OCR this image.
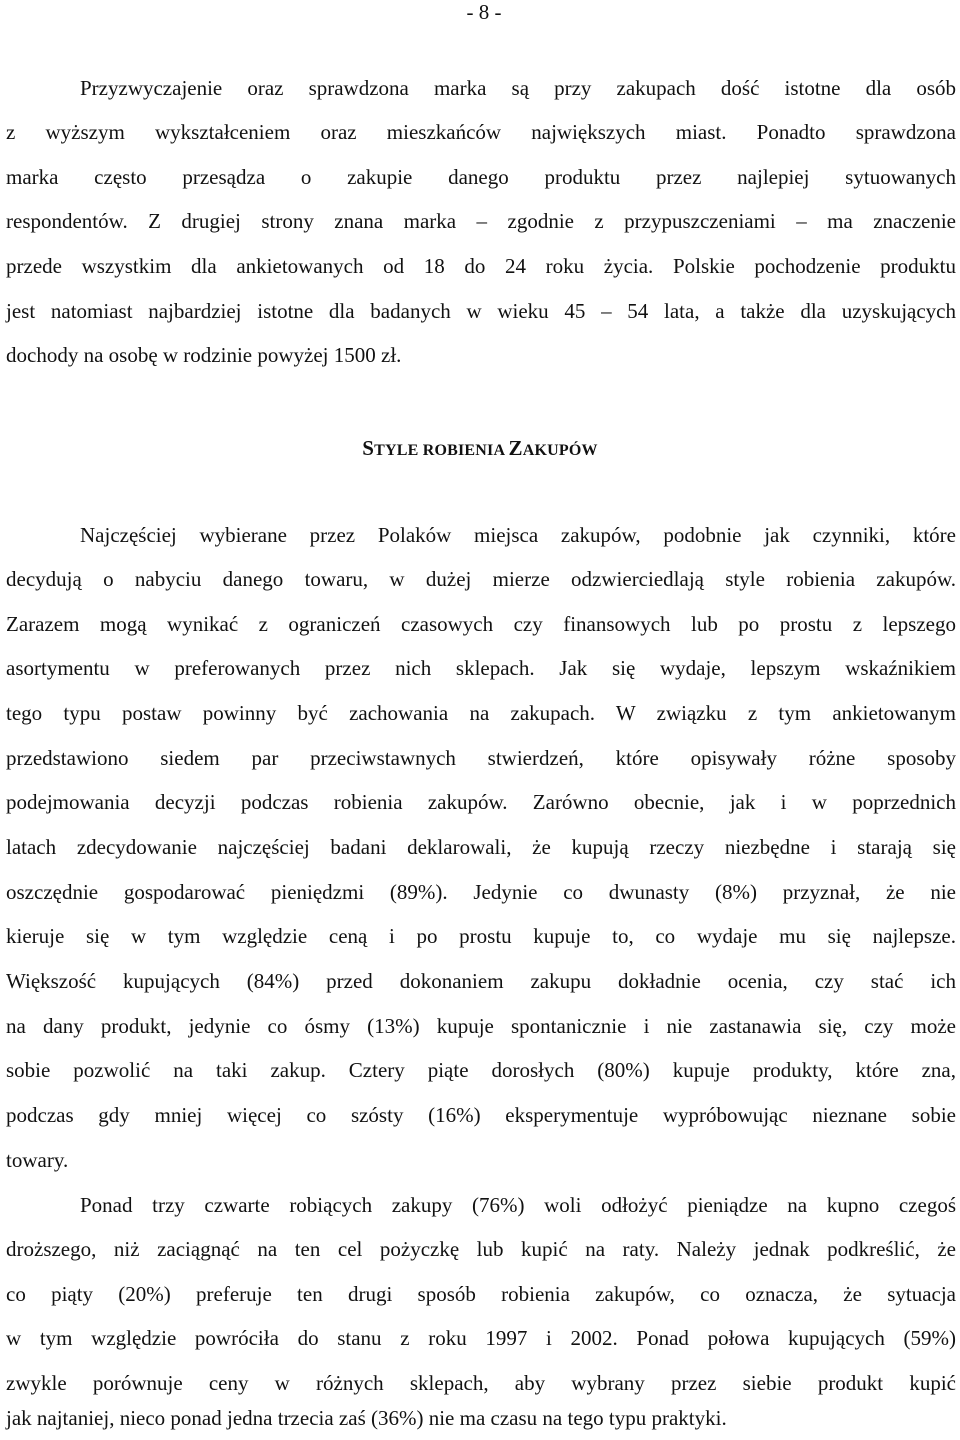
- 8 -
Przyzwyczajenie oraz sprawdzona marka są przy zakupach dość istotne dla osób
z wyższym wykształceniem oraz mieszkańców największych miast. Ponadto sprawdzona
marka często przesądza o zakupie danego produktu przez najlepiej sytuowanych
respondentów. Z drugiej strony znana marka – zgodnie z przypuszczeniami – ma znaczenie
przede wszystkim dla ankietowanych od 18 do 24 roku życia. Polskie pochodzenie produktu
jest natomiast najbardziej istotne dla badanych w wieku 45 – 54 lata, a także dla uzyskujących
dochody na osobę w rodzinie powyżej 1500 zł.
STYLE ROBIENIA ZAKUPÓW
Najczęściej wybierane przez Polaków miejsca zakupów, podobnie jak czynniki, które
decydują o nabyciu danego towaru, w dużej mierze odzwierciedlają style robienia zakupów.
Zarazem mogą wynikać z ograniczeń czasowych czy finansowych lub po prostu z lepszego
asortymentu w preferowanych przez nich sklepach. Jak się wydaje, lepszym wskaźnikiem
tego typu postaw powinny być zachowania na zakupach. W związku z tym ankietowanym
przedstawiono siedem par przeciwstawnych stwierdzeń, które opisywały różne sposoby
podejmowania decyzji podczas robienia zakupów. Zarówno obecnie, jak i w poprzednich
latach zdecydowanie najczęściej badani deklarowali, że kupują rzeczy niezbędne i starają się
oszczędnie gospodarować pieniędzmi (89%). Jedynie co dwunasty (8%) przyznał, że nie
kieruje się w tym względzie ceną i po prostu kupuje to, co wydaje mu się najlepsze.
Większość kupujących (84%) przed dokonaniem zakupu dokładnie ocenia, czy stać ich
na dany produkt, jedynie co ósmy (13%) kupuje spontanicznie i nie zastanawia się, czy może
sobie pozwolić na taki zakup. Cztery piąte dorosłych (80%) kupuje produkty, które zna,
podczas gdy mniej więcej co szósty (16%) eksperymentuje wypróbowując nieznane sobie
towary.
Ponad trzy czwarte robiących zakupy (76%) woli odłożyć pieniądze na kupno czegoś
droższego, niż zaciągnąć na ten cel pożyczkę lub kupić na raty. Należy jednak podkreślić, że
co piąty (20%) preferuje ten drugi sposób robienia zakupów, co oznacza, że sytuacja
w tym względzie powróciła do stanu z roku 1997 i 2002. Ponad połowa kupujących (59%)
zwykle porównuje ceny w różnych sklepach, aby wybrany przez siebie produkt kupić
jak najtaniej, nieco ponad jedna trzecia zaś (36%) nie ma czasu na tego typu praktyki.
